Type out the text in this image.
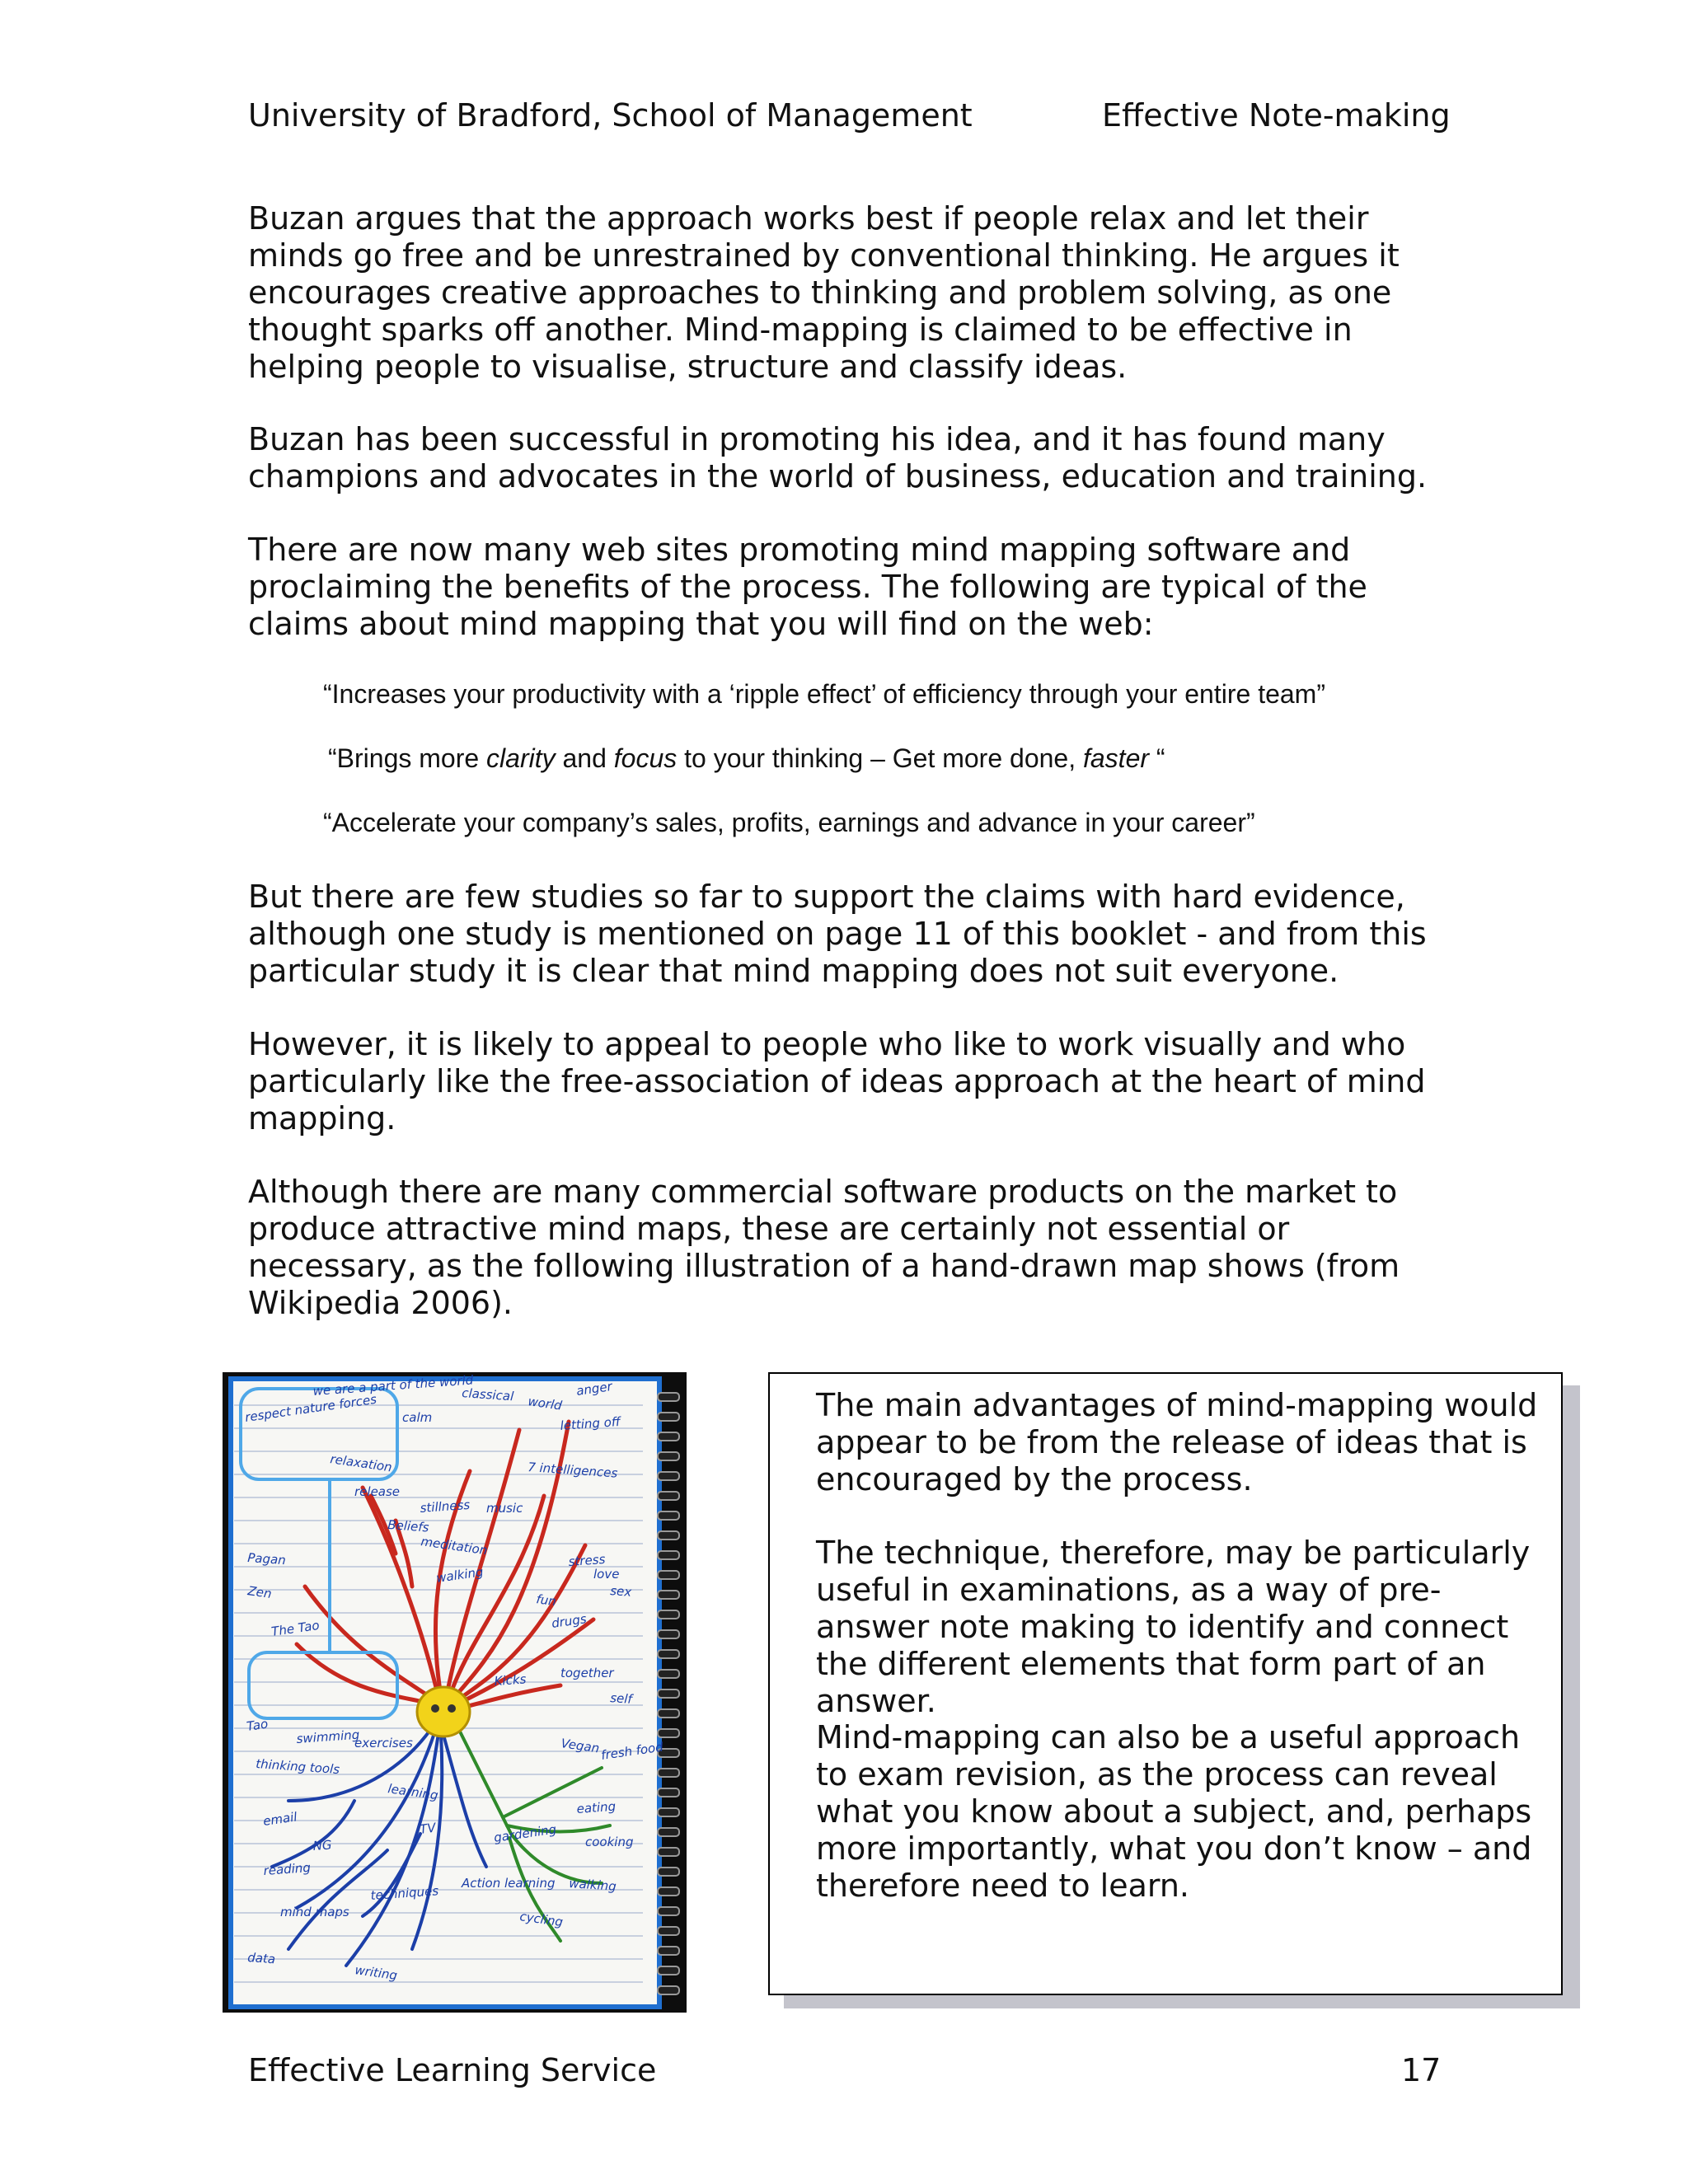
University of Bradford, School of Management	Effective Note-making

Buzan argues that the approach works best if people relax and let their minds go free and be unrestrained by conventional thinking. He argues it encourages creative approaches to thinking and problem solving, as one thought sparks off another. Mind-mapping is claimed to be effective in helping people to visualise, structure and classify ideas.

Buzan has been successful in promoting his idea, and it has found many champions and advocates in the world of business, education and training.

There are now many web sites promoting mind mapping software and proclaiming the benefits of the process. The following are typical of the claims about mind mapping that you will find on the web:

“Increases your productivity with a ‘ripple effect’ of efficiency through your entire team”
“Brings more clarity and focus to your thinking – Get more done, faster “
“Accelerate your company’s sales, profits, earnings and advance in your career”

But there are few studies so far to support the claims with hard evidence, although one study is mentioned on page 11 of this booklet - and from this particular study it is clear that mind mapping does not suit everyone.

However, it is likely to appeal to people who like to work visually and who particularly like the free-association of ideas approach at the heart of mind mapping.

Although there are many commercial software products on the market to produce attractive mind maps, these are certainly not essential or necessary, as the following illustration of a hand-drawn map shows (from Wikipedia 2006).

respect nature forces
we are a part of the world
calm
classical world
anger
stillness music
Pagan
Zen
The Tao
letting off
release
Beliefs
meditation
walking
stress
love
sex
fun
drugs
Kicks	together
self
Vegan fresh food
eating
cooking
walking
cycling
gardening
swimming
exercises
thinking tools
learning
TV
reading
mind maps
data
writing
email
NG
Action learning
7 intelligences
relaxation
Tao
techniques

The main advantages of mind-mapping would appear to be from the release of ideas that is encouraged by the process.

The technique, therefore, may be particularly useful in examinations, as a way of pre-answer note making to identify and connect the different elements that form part of an answer.

Mind-mapping can also be a useful approach to exam revision, as the process can reveal what you know about a subject, and, perhaps more importantly, what you don’t know – and therefore need to learn.

Effective Learning Service	17
